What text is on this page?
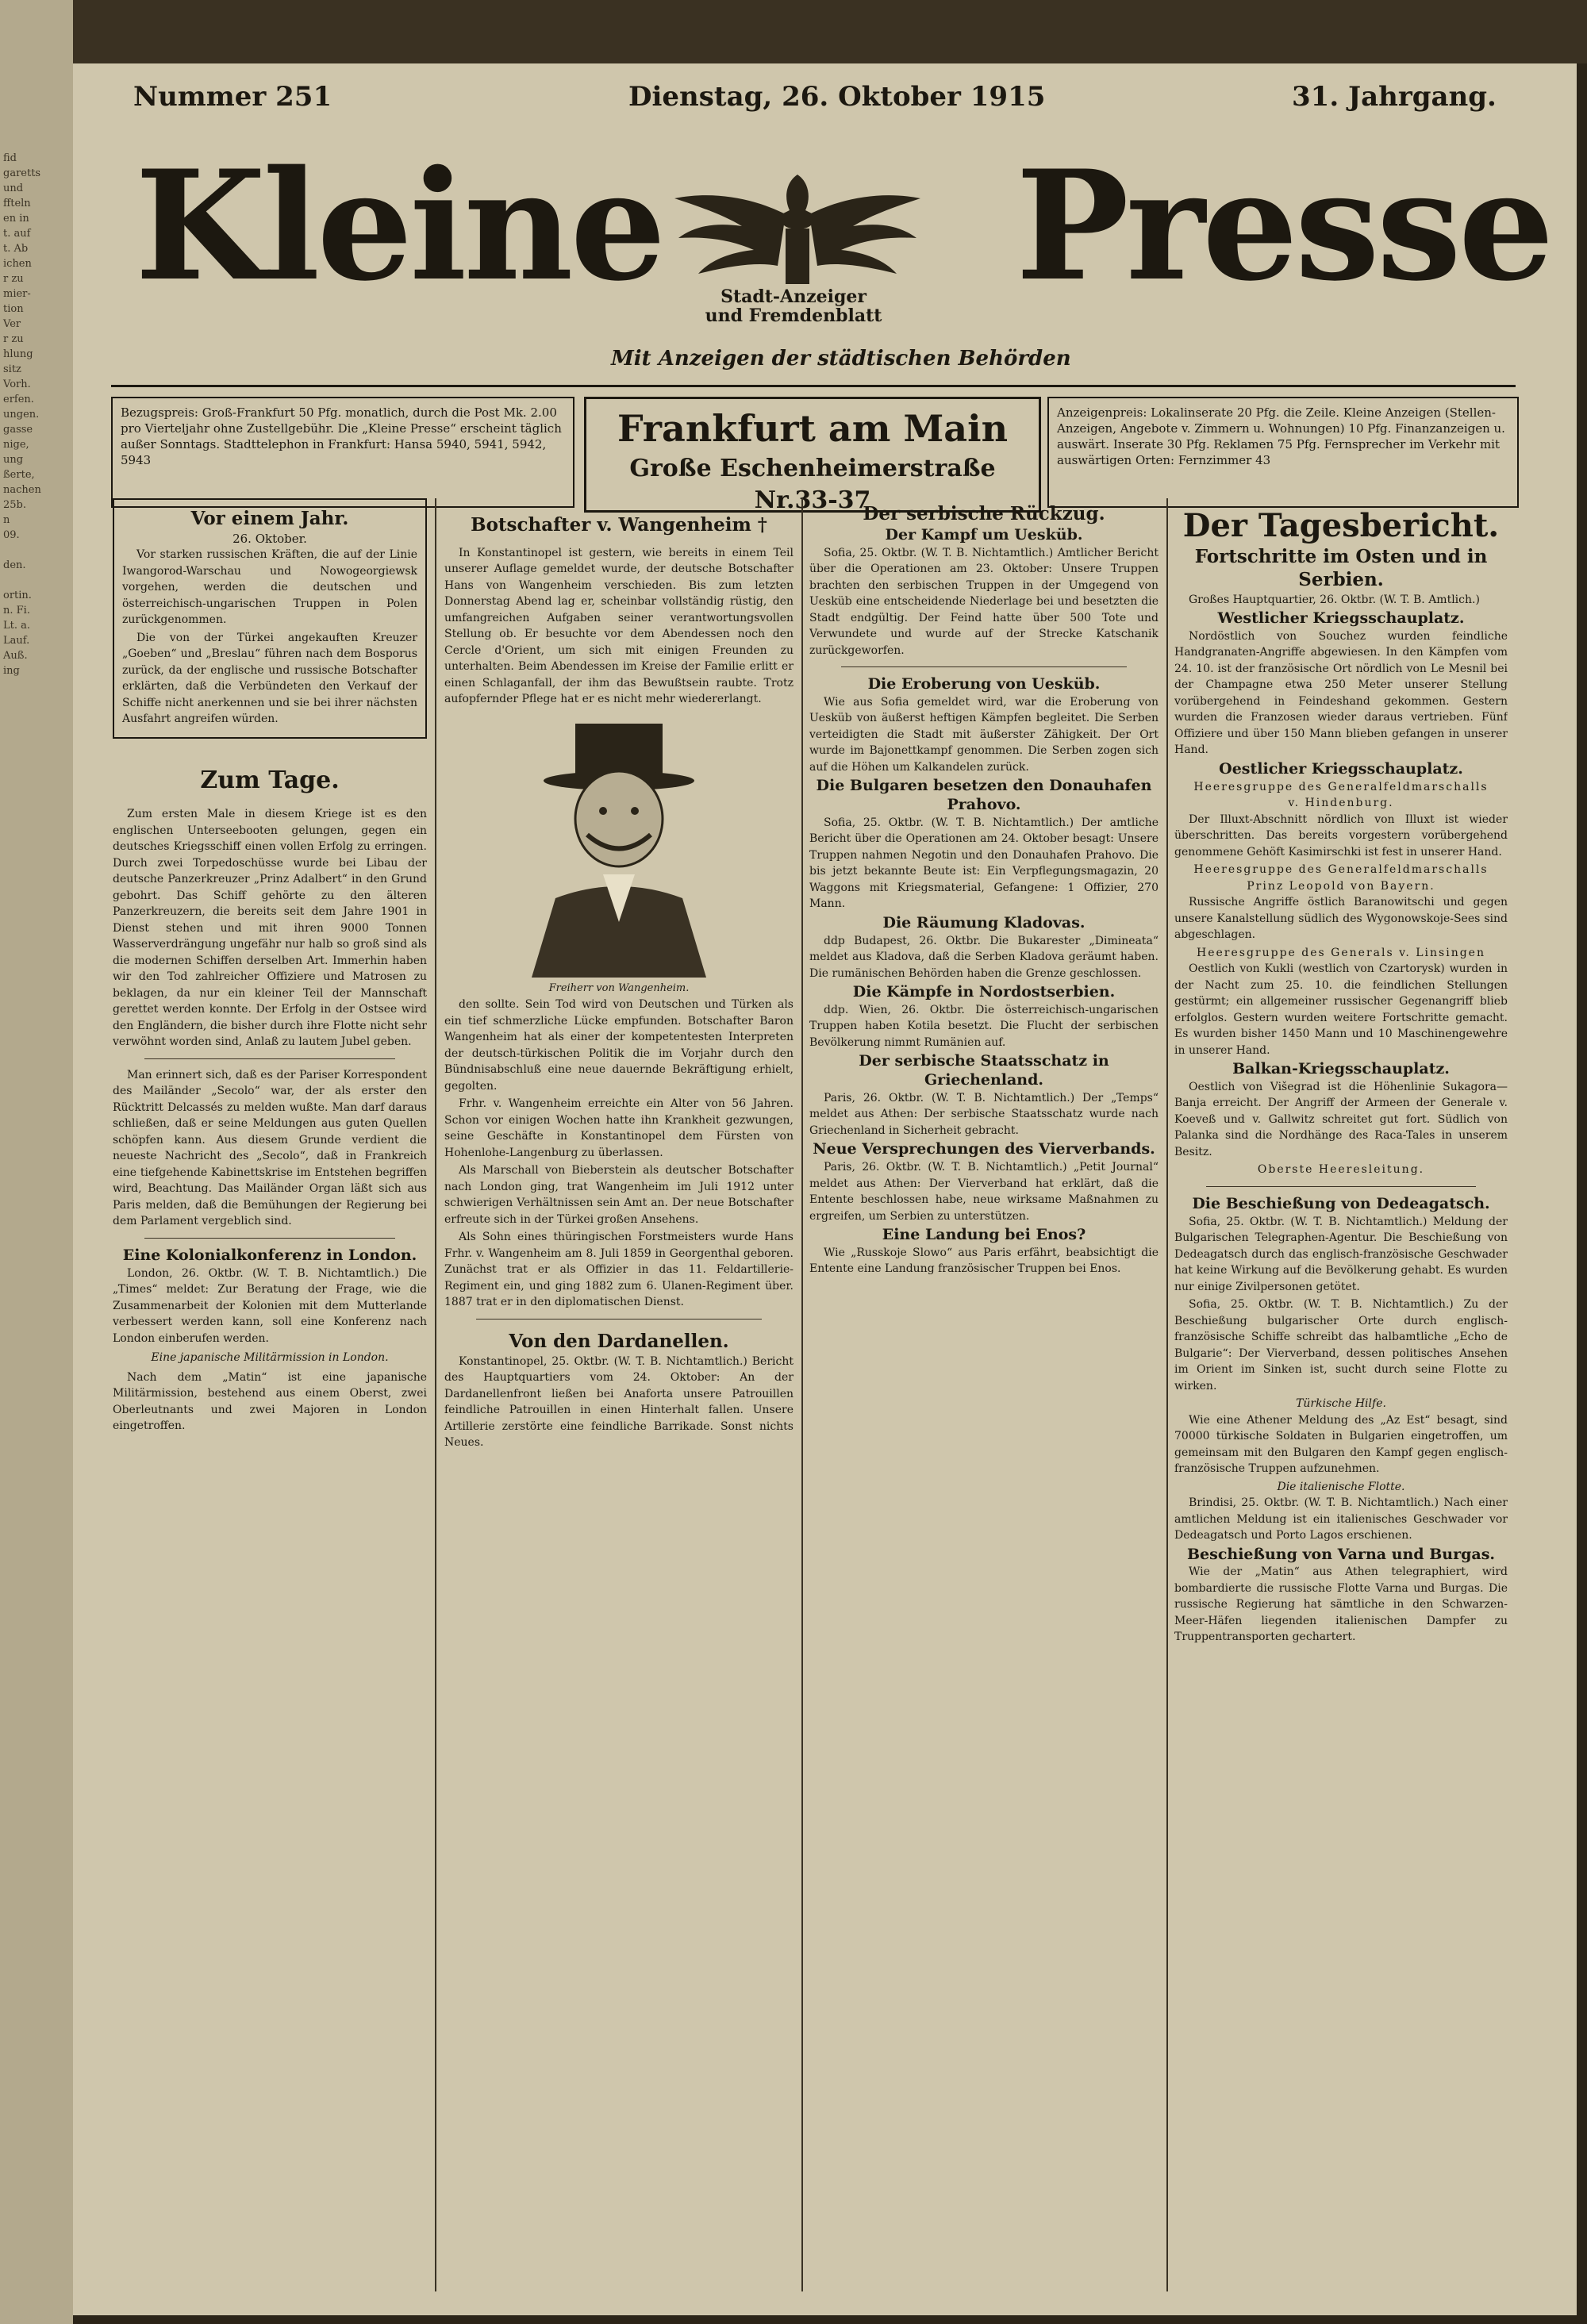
fid
garetts
und
ffteln
en in
t. auf
t. Ab
ichen
r zu
mier-
tion
Ver
r zu
hlung
sitz
Vorh.
erfen.
ungen.
gasse
nige,
ung
ßerte,
nachen
25b.
n
09.

den.

ortin.
n. Fi.
Lt. a.
Lauf.
Auß.
ing
Nummer 251	Dienstag, 26. Oktober 1915	31. Jahrgang.
Kleine Presse
Stadt-Anzeiger
und Fremdenblatt
Mit Anzeigen der städtischen Behörden
Bezugspreis: Groß-Frankfurt 50 Pfg. monatlich, durch die Post Mk. 2.00 pro Vierteljahr ohne Zustellgebühr. Die „Kleine Presse“ erscheint täglich außer Sonntags. Stadttelephon in Frankfurt: Hansa 5940, 5941, 5942, 5943
Frankfurt am Main
Große Eschenheimerstraße Nr.33-37
Anzeigenpreis: Lokalinserate 20 Pfg. die Zeile. Kleine Anzeigen (Stellen-Anzeigen, Angebote v. Zimmern u. Wohnungen) 10 Pfg. Finanzanzeigen u. auswärt. Inserate 30 Pfg. Reklamen 75 Pfg. Fernsprecher im Verkehr mit auswärtigen Orten: Fernzimmer 43
Vor einem Jahr.
26. Oktober.

Vor starken russischen Kräften, die auf der Linie Iwangorod-Warschau und Nowogeorgiewsk vorgehen, werden die deutschen und österreichisch-ungarischen Truppen in Polen zurückgenommen.

Die von der Türkei angekauften Kreuzer „Goeben“ und „Breslau“ führen nach dem Bosporus zurück, da der englische und russische Botschafter erklärten, daß die Verbündeten den Verkauf der Schiffe nicht anerkennen und sie bei ihrer nächsten Ausfahrt angreifen würden.

Zum Tage.

Zum ersten Male in diesem Kriege ist es den englischen Unterseebooten gelungen, gegen ein deutsches Kriegsschiff einen vollen Erfolg zu erringen. Durch zwei Torpedoschüsse wurde bei Libau der deutsche Panzerkreuzer „Prinz Adalbert“ in den Grund gebohrt. Das Schiff gehörte zu den älteren Panzerkreuzern, die bereits seit dem Jahre 1901 in Dienst stehen und mit ihren 9000 Tonnen Wasserverdrängung ungefähr nur halb so groß sind als die modernen Schiffen derselben Art. Immerhin haben wir den Tod zahlreicher Offiziere und Matrosen zu beklagen, da nur ein kleiner Teil der Mannschaft gerettet werden konnte. Der Erfolg in der Ostsee wird den Engländern, die bisher durch ihre Flotte nicht sehr verwöhnt worden sind, Anlaß zu lautem Jubel geben.

Man erinnert sich, daß es der Pariser Korrespondent des Mailänder „Secolo“ war, der als erster den Rücktritt Delcassés zu melden wußte. Man darf daraus schließen, daß er seine Meldungen aus guten Quellen schöpfen kann. Aus diesem Grunde verdient die neueste Nachricht des „Secolo“, daß in Frankreich eine tiefgehende Kabinettskrise im Entstehen begriffen wird, Beachtung. Das Mailänder Organ läßt sich aus Paris melden, daß die Bemühungen der Regierung bei dem Parlament vergeblich sind.

Eine Kolonialkonferenz in London.

London, 26. Oktbr. (W. T. B. Nichtamtlich.) Die „Times“ meldet: Zur Beratung der Frage, wie die Zusammenarbeit der Kolonien mit dem Mutterlande verbessert werden kann, soll eine Konferenz nach London einberufen werden.

Eine japanische Militärmission in London.

Nach dem „Matin“ ist eine japanische Militärmission, bestehend aus einem Oberst, zwei Oberleutnants und zwei Majoren in London eingetroffen.

Botschafter v. Wangenheim †

In Konstantinopel ist gestern, wie bereits in einem Teil unserer Auflage gemeldet wurde, der deutsche Botschafter Hans von Wangenheim verschieden. Bis zum letzten Donnerstag Abend lag er, scheinbar vollständig rüstig, den umfangreichen Aufgaben seiner verantwortungsvollen Stellung ob. Er besuchte vor dem Abendessen noch den Cercle d'Orient, um sich mit einigen Freunden zu unterhalten. Beim Abendessen im Kreise der Familie erlitt er einen Schlaganfall, der ihm das Bewußtsein raubte. Trotz aufopfernder Pflege hat er es nicht mehr wiedererlangt.

Freiherr von Wangenheim.

den sollte. Sein Tod wird von Deutschen und Türken als ein tief schmerzliche Lücke empfunden. Botschafter Baron Wangenheim hat als einer der kompetentesten Interpreten der deutsch-türkischen Politik die im Vorjahr durch den Bündnisabschluß eine neue dauernde Bekräftigung erhielt, gegolten.

Frhr. v. Wangenheim erreichte ein Alter von 56 Jahren. Schon vor einigen Wochen hatte ihn Krankheit gezwungen, seine Geschäfte in Konstantinopel dem Fürsten von Hohenlohe-Langenburg zu überlassen.

Als Marschall von Bieberstein als deutscher Botschafter nach London ging, trat Wangenheim im Juli 1912 unter schwierigen Verhältnissen sein Amt an. Der neue Botschafter erfreute sich in der Türkei großen Ansehens.

Als Sohn eines thüringischen Forstmeisters wurde Hans Frhr. v. Wangenheim am 8. Juli 1859 in Georgenthal geboren. Zunächst trat er als Offizier in das 11. Feldartillerie-Regiment ein, und ging 1882 zum 6. Ulanen-Regiment über. 1887 trat er in den diplomatischen Dienst.

Von den Dardanellen.

Konstantinopel, 25. Oktbr. (W. T. B. Nichtamtlich.) Bericht des Hauptquartiers vom 24. Oktober: An der Dardanellenfront ließen bei Anaforta unsere Patrouillen feindliche Patrouillen in einen Hinterhalt fallen. Unsere Artillerie zerstörte eine feindliche Barrikade. Sonst nichts Neues.

Der serbische Rückzug.
Der Kampf um Uesküb.

Sofia, 25. Oktbr. (W. T. B. Nichtamtlich.) Amtlicher Bericht über die Operationen am 23. Oktober: Unsere Truppen brachten den serbischen Truppen in der Umgegend von Uesküb eine entscheidende Niederlage bei und besetzten die Stadt endgültig. Der Feind hatte über 500 Tote und Verwundete und wurde auf der Strecke Katschanik zurückgeworfen.

Die Eroberung von Uesküb.

Wie aus Sofia gemeldet wird, war die Eroberung von Uesküb von äußerst heftigen Kämpfen begleitet. Die Serben verteidigten die Stadt mit äußerster Zähigkeit. Der Ort wurde im Bajonettkampf genommen. Die Serben zogen sich auf die Höhen um Kalkandelen zurück.

Die Bulgaren besetzen den Donauhafen Prahovo.

Sofia, 25. Oktbr. (W. T. B. Nichtamtlich.) Der amtliche Bericht über die Operationen am 24. Oktober besagt: Unsere Truppen nahmen Negotin und den Donauhafen Prahovo. Die bis jetzt bekannte Beute ist: Ein Verpflegungsmagazin, 20 Waggons mit Kriegsmaterial, Gefangene: 1 Offizier, 270 Mann.

Die Räumung Kladovas.

ddp Budapest, 26. Oktbr. Die Bukarester „Dimineata“ meldet aus Kladova, daß die Serben Kladova geräumt haben. Die rumänischen Behörden haben die Grenze geschlossen.

Die Kämpfe in Nordostserbien.

ddp. Wien, 26. Oktbr. Die österreichisch-ungarischen Truppen haben Kotila besetzt. Die Flucht der serbischen Bevölkerung nimmt Rumänien auf.

Der serbische Staatsschatz in Griechenland.

Paris, 26. Oktbr. (W. T. B. Nichtamtlich.) Der „Temps“ meldet aus Athen: Der serbische Staatsschatz wurde nach Griechenland in Sicherheit gebracht.

Neue Versprechungen des Vierverbands.

Paris, 26. Oktbr. (W. T. B. Nichtamtlich.) „Petit Journal“ meldet aus Athen: Der Vierverband hat erklärt, daß die Entente beschlossen habe, neue wirksame Maßnahmen zu ergreifen, um Serbien zu unterstützen.

Eine Landung bei Enos?

Wie „Russkoje Slowo“ aus Paris erfährt, beabsichtigt die Entente eine Landung französischer Truppen bei Enos.

Der Tagesbericht.
Fortschritte im Osten und in Serbien.

Großes Hauptquartier, 26. Oktbr. (W. T. B. Amtlich.)

Westlicher Kriegsschauplatz.

Nordöstlich von Souchez wurden feindliche Handgranaten-Angriffe abgewiesen. In den Kämpfen vom 24. 10. ist der französische Ort nördlich von Le Mesnil bei der Champagne etwa 250 Meter unserer Stellung vorübergehend in Feindeshand gekommen. Gestern wurden die Franzosen wieder daraus vertrieben. Fünf Offiziere und über 150 Mann blieben gefangen in unserer Hand.

Oestlicher Kriegsschauplatz.
Heeresgruppe des Generalfeldmarschalls
v. Hindenburg.

Der Illuxt-Abschnitt nördlich von Illuxt ist wieder überschritten. Das bereits vorgestern vorübergehend genommene Gehöft Kasimirschki ist fest in unserer Hand.

Heeresgruppe des Generalfeldmarschalls
Prinz Leopold von Bayern.

Russische Angriffe östlich Baranowitschi und gegen unsere Kanalstellung südlich des Wygonowskoje-Sees sind abgeschlagen.

Heeresgruppe des Generals v. Linsingen

Oestlich von Kukli (westlich von Czartorysk) wurden in der Nacht zum 25. 10. die feindlichen Stellungen gestürmt; ein allgemeiner russischer Gegenangriff blieb erfolglos. Gestern wurden weitere Fortschritte gemacht. Es wurden bisher 1450 Mann und 10 Maschinengewehre in unserer Hand.

Balkan-Kriegsschauplatz.

Oestlich von Višegrad ist die Höhenlinie Sukagora—Banja erreicht. Der Angriff der Armeen der Generale v. Koeveß und v. Gallwitz schreitet gut fort. Südlich von Palanka sind die Nordhänge des Raca-Tales in unserem Besitz.

Oberste Heeresleitung.
Die Beschießung von Dedeagatsch.

Sofia, 25. Oktbr. (W. T. B. Nichtamtlich.) Meldung der Bulgarischen Telegraphen-Agentur. Die Beschießung von Dedeagatsch durch das englisch-französische Geschwader hat keine Wirkung auf die Bevölkerung gehabt. Es wurden nur einige Zivilpersonen getötet.

Sofia, 25. Oktbr. (W. T. B. Nichtamtlich.) Zu der Beschießung bulgarischer Orte durch englisch-französische Schiffe schreibt das halbamtliche „Echo de Bulgarie“: Der Vierverband, dessen politisches Ansehen im Orient im Sinken ist, sucht durch seine Flotte zu wirken.

Türkische Hilfe.

Wie eine Athener Meldung des „Az Est“ besagt, sind 70000 türkische Soldaten in Bulgarien eingetroffen, um gemeinsam mit den Bulgaren den Kampf gegen englisch-französische Truppen aufzunehmen.

Die italienische Flotte.

Brindisi, 25. Oktbr. (W. T. B. Nichtamtlich.) Nach einer amtlichen Meldung ist ein italienisches Geschwader vor Dedeagatsch und Porto Lagos erschienen.

Beschießung von Varna und Burgas.

Wie der „Matin“ aus Athen telegraphiert, wird bombardierte die russische Flotte Varna und Burgas. Die russische Regierung hat sämtliche in den Schwarzen-Meer-Häfen liegenden italienischen Dampfer zu Truppentransporten gechartert.
